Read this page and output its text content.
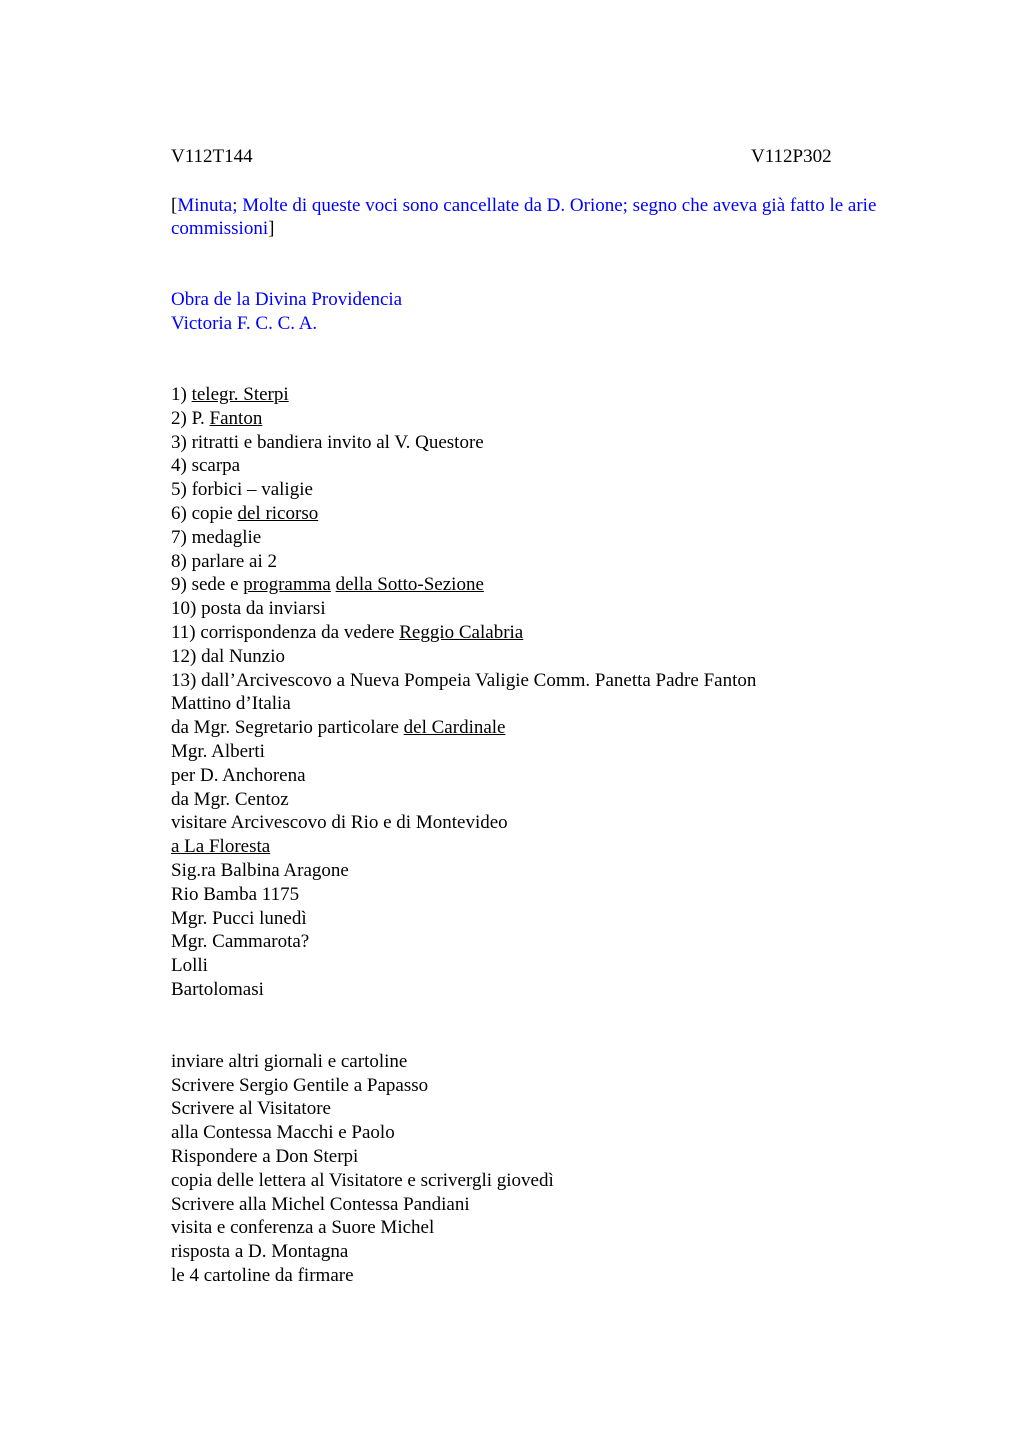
V112T144	V112P302
[Minuta; Molte di queste voci sono cancellate da D. Orione; segno che aveva già fatto le arie commissioni]
Obra de la Divina Providencia
Victoria F. C. C. A.
1) telegr. Sterpi
2) P. Fanton
3) ritratti e bandiera invito al V. Questore
4) scarpa
5) forbici – valigie
6) copie del ricorso
7) medaglie
8) parlare ai 2
9) sede e programma della Sotto-Sezione
10) posta da inviarsi
11) corrispondenza da vedere Reggio Calabria
12) dal Nunzio
13) dall’Arcivescovo a Nueva Pompeia Valigie Comm. Panetta Padre Fanton
Mattino d’Italia
da Mgr. Segretario particolare del Cardinale
Mgr. Alberti
per D. Anchorena
da Mgr. Centoz
visitare Arcivescovo di Rio e di Montevideo
a La Floresta
Sig.ra Balbina Aragone
Rio Bamba 1175
Mgr. Pucci lunedì
Mgr. Cammarota?
Lolli
Bartolomasi
inviare altri giornali e cartoline
Scrivere Sergio Gentile a Papasso
Scrivere al Visitatore
alla Contessa Macchi e Paolo
Rispondere a Don Sterpi
copia delle lettera al Visitatore e scrivergli giovedì
Scrivere alla Michel Contessa Pandiani
visita e conferenza a Suore Michel
risposta a D. Montagna
le 4 cartoline da firmare
